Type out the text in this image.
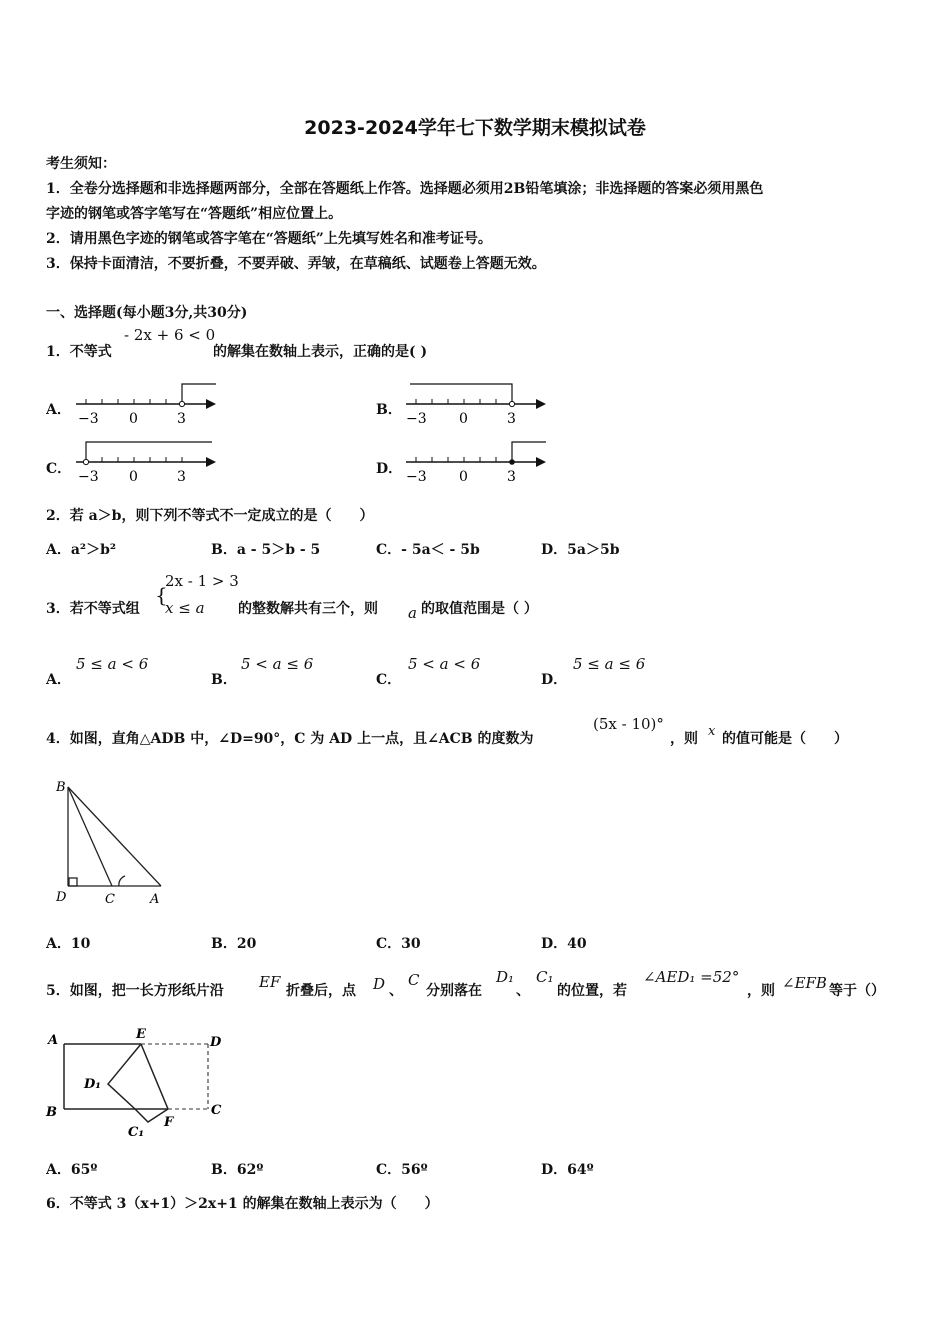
2023-2024学年七下数学期末模拟试卷
考生须知：
1．全卷分选择题和非选择题两部分，全部在答题纸上作答。选择题必须用2B铅笔填涂；非选择题的答案必须用黑色
字迹的钢笔或答字笔写在“答题纸”相应位置上。
2．请用黑色字迹的钢笔或答字笔在“答题纸”上先填写姓名和准考证号。
3．保持卡面清洁，不要折叠，不要弄破、弄皱，在草稿纸、试题卷上答题无效。
一、选择题(每小题3分,共30分)
1．不等式
- 2x + 6 < 0
的解集在数轴上表示，正确的是( )
A．
−3 0	3
B．
−3 0	3
C． −3 0	3	D． −3 0	3
2．若 a＞b，则下列不等式不一定成立的是（　　）
A．a²＞b²	B．a - 5＞b - 5	C．- 5a＜ - 5b	D．5a＞5b
3．若不等式组
{
2x - 1 > 3
x ≤ a 的整数解共有三个，则 a 的取值范围是（ ）
A．
5 ≤ a < 6
B．
5 < a ≤ 6
C．
5 < a < 6
D．
5 ≤ a ≤ 6
4．如图，直角△ADB 中，∠D=90°，C 为 AD 上一点，且∠ACB 的度数为
(5x - 10)°
，则 x 的值可能是（　　）
B
D	C	A
A．10	B．20	C．30	D．40
5．如图，把一长方形纸片沿 EF 折叠后，点 D 、
C
分别落在
D₁
、
C₁
的位置，若
∠AED₁ =52°
，则 ∠EFB 等于（）
A	E
D
D₁
B
C₁
F
C
A．65º	B．62º	C．56º	D．64º
6．不等式 3（x+1）＞2x+1 的解集在数轴上表示为（　　）
